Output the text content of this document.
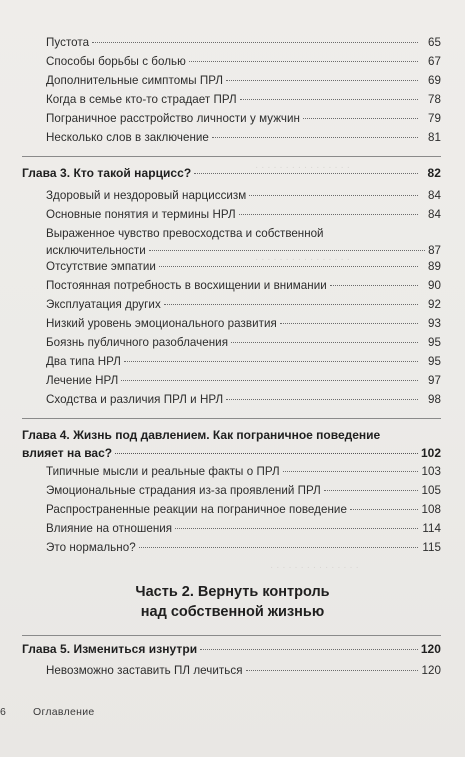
· · · · · · · · · · · · · · · ·
· · · · · · · · · · · · · · · ·
· · · · · · · · · · · · · · ·
Пустота	65
Способы борьбы с болью	67
Дополнительные симптомы ПРЛ	69
Когда в семье кто-то страдает ПРЛ	78
Пограничное расстройство личности у мужчин	79
Несколько слов в заключение	81
Глава 3. Кто такой нарцисс?	82
Здоровый и нездоровый нарциссизм	84
Основные понятия и термины НРЛ	84
Выраженное чувство превосходства и собственной
исключительности	87
Отсутствие эмпатии	89
Постоянная потребность в восхищении и внимании	90
Эксплуатация других	92
Низкий уровень эмоционального развития	93
Боязнь публичного разоблачения	95
Два типа НРЛ	95
Лечение НРЛ	97
Сходства и различия ПРЛ и НРЛ	98
Глава 4. Жизнь под давлением. Как пограничное поведение
влияет на вас?	102
Типичные мысли и реальные факты о ПРЛ	103
Эмоциональные страдания из-за проявлений ПРЛ	105
Распространенные реакции на пограничное поведение	108
Влияние на отношения	114
Это нормально?	115
Часть 2. Вернуть контроль
над собственной жизнью
Глава 5. Измениться изнутри	120
Невозможно заставить ПЛ лечиться	120
6	Оглавление
